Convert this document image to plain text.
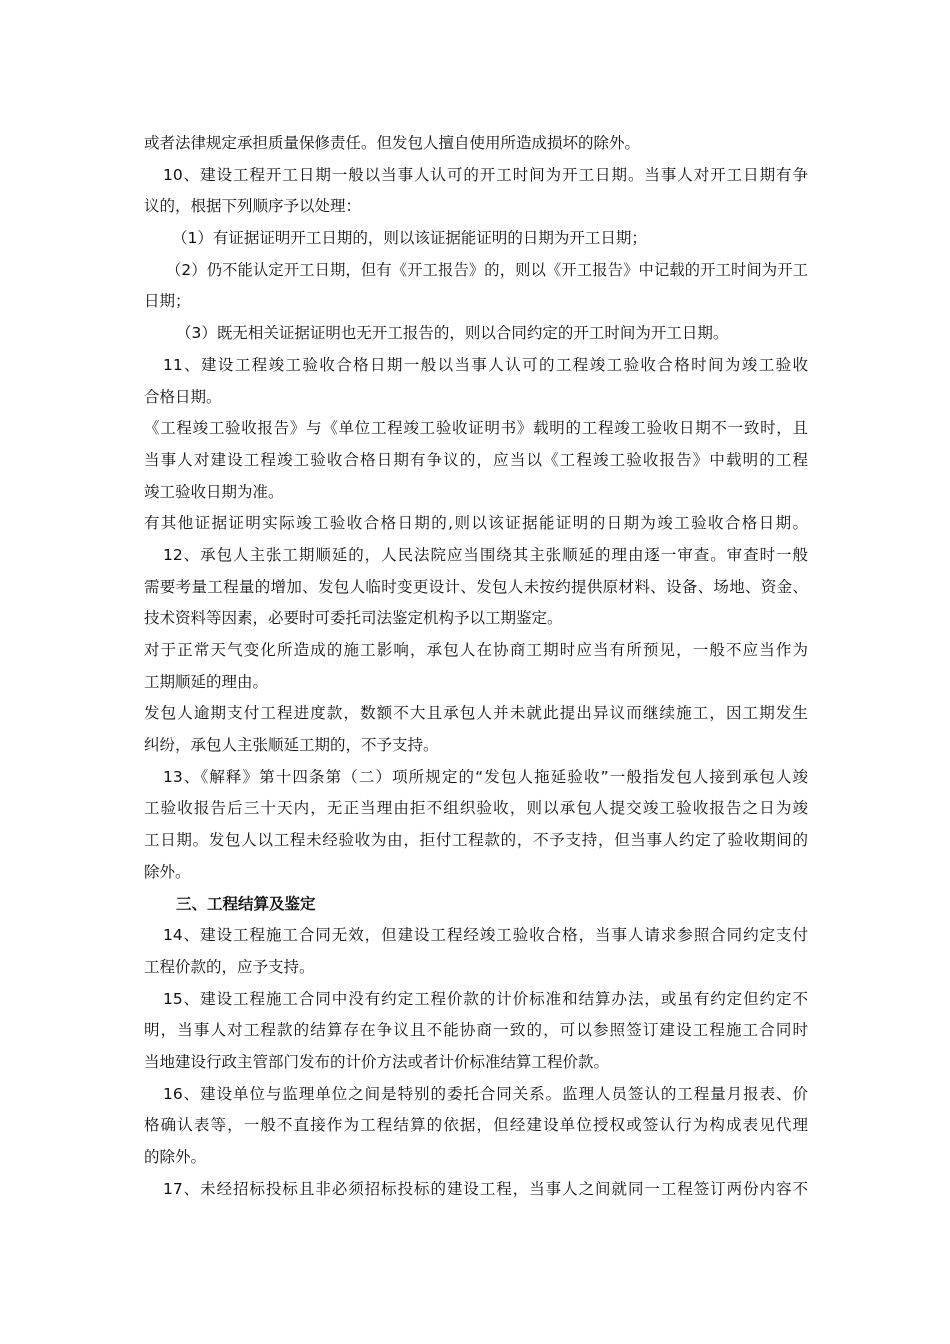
或者法律规定承担质量保修责任。但发包人擅自使用所造成损坏的除外。
10、建设工程开工日期一般以当事人认可的开工时间为开工日期。当事人对开工日期有争
议的，根据下列顺序予以处理：
（1）有证据证明开工日期的，则以该证据能证明的日期为开工日期；
（2）仍不能认定开工日期，但有《开工报告》的，则以《开工报告》中记载的开工时间为开工
日期；
（3）既无相关证据证明也无开工报告的，则以合同约定的开工时间为开工日期。
11、建设工程竣工验收合格日期一般以当事人认可的工程竣工验收合格时间为竣工验收
合格日期。
《工程竣工验收报告》与《单位工程竣工验收证明书》载明的工程竣工验收日期不一致时，且
当事人对建设工程竣工验收合格日期有争议的，应当以《工程竣工验收报告》中载明的工程
竣工验收日期为准。
有其他证据证明实际竣工验收合格日期的,则以该证据能证明的日期为竣工验收合格日期。
12、承包人主张工期顺延的，人民法院应当围绕其主张顺延的理由逐一审查。审查时一般
需要考量工程量的增加、发包人临时变更设计、发包人未按约提供原材料、设备、场地、资金、
技术资料等因素，必要时可委托司法鉴定机构予以工期鉴定。
对于正常天气变化所造成的施工影响，承包人在协商工期时应当有所预见，一般不应当作为
工期顺延的理由。
发包人逾期支付工程进度款，数额不大且承包人并未就此提出异议而继续施工，因工期发生
纠纷，承包人主张顺延工期的，不予支持。
13、《解释》第十四条第（二）项所规定的“发包人拖延验收”一般指发包人接到承包人竣
工验收报告后三十天内，无正当理由拒不组织验收，则以承包人提交竣工验收报告之日为竣
工日期。发包人以工程未经验收为由，拒付工程款的，不予支持，但当事人约定了验收期间的
除外。
三、工程结算及鉴定
14、建设工程施工合同无效，但建设工程经竣工验收合格，当事人请求参照合同约定支付
工程价款的，应予支持。
15、建设工程施工合同中没有约定工程价款的计价标准和结算办法，或虽有约定但约定不
明，当事人对工程款的结算存在争议且不能协商一致的，可以参照签订建设工程施工合同时
当地建设行政主管部门发布的计价方法或者计价标准结算工程价款。
16、建设单位与监理单位之间是特别的委托合同关系。监理人员签认的工程量月报表、价
格确认表等，一般不直接作为工程结算的依据，但经建设单位授权或签认行为构成表见代理
的除外。
17、未经招标投标且非必须招标投标的建设工程，当事人之间就同一工程签订两份内容不
